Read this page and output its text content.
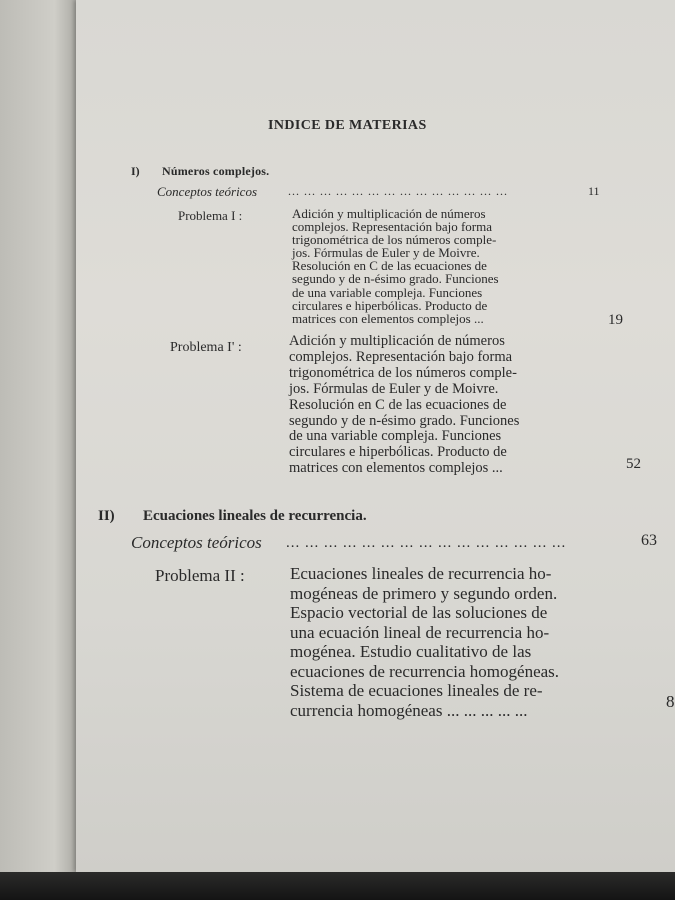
INDICE DE MATERIAS
I) Números complejos.
Conceptos teóricos	... ... ... ... ... ... ... ... ... ... ... ... ... ...	11
Problema I :	Adición y multiplicación de números
complejos. Representación bajo forma
trigonométrica de los números comple-
jos. Fórmulas de Euler y de Moivre.
Resolución en C de las ecuaciones de
segundo y de n-ésimo grado. Funciones
de una variable compleja. Funciones
circulares e hiperbólicas. Producto de
matrices con elementos complejos ...	19
Problema I' :	Adición y multiplicación de números
complejos. Representación bajo forma
trigonométrica de los números comple-
jos. Fórmulas de Euler y de Moivre.
Resolución en C de las ecuaciones de
segundo y de n-ésimo grado. Funciones
de una variable compleja. Funciones
circulares e hiperbólicas. Producto de
matrices con elementos complejos ...	52
II) Ecuaciones lineales de recurrencia.
Conceptos teóricos ... ... ... ... ... ... ... ... ... ... ... ... ... ... ...	63
Problema II :	Ecuaciones lineales de recurrencia ho-
mogéneas de primero y segundo orden.
Espacio vectorial de las soluciones de
una ecuación lineal de recurrencia ho-
mogénea. Estudio cualitativo de las
ecuaciones de recurrencia homogéneas.
Sistema de ecuaciones lineales de re-
currencia homogéneas ... ... ... ... ...	8
